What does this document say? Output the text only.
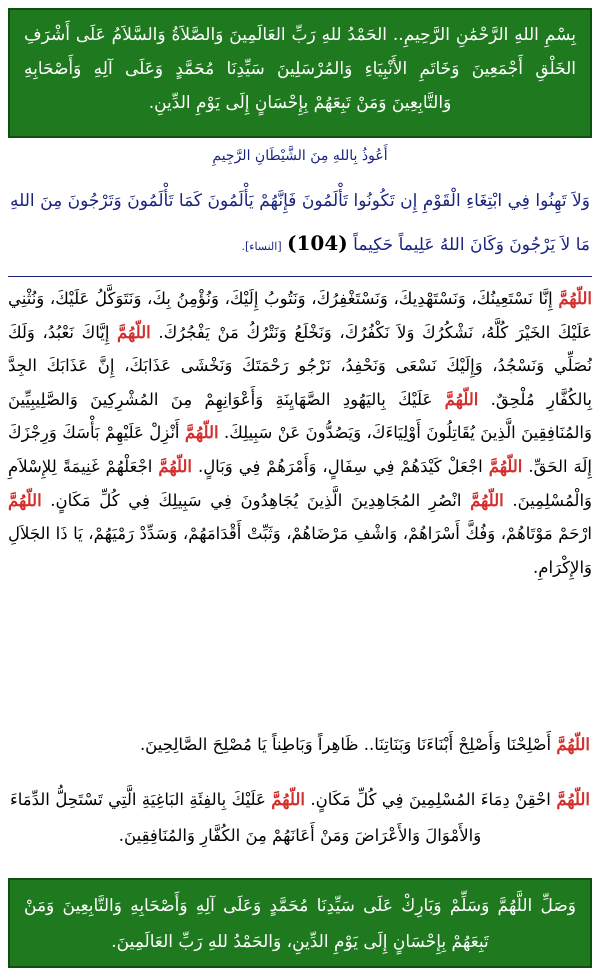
بِسْمِ اللهِ الرَّحْمَٰنِ الرَّحِيمِ.. الحَمْدُ للهِ رَبِّ العَالَمِينَ وَالصَّلاَةُ وَالسَّلاَمُ عَلَى أَشْرَفِ الخَلْقِ أَجْمَعِينَ وَخَاتَمِ الأَنْبِيَاءِ وَالمُرْسَلِينَ سَيِّدِنَا مُحَمَّدٍ وَعَلَى آلِهِ وَأَصْحَابِهِ وَالتَّابِعِينَ وَمَنْ تَبِعَهُمْ بِإِحْسَانٍ إِلَى يَوْمِ الدِّينِ.
أَعُوذُ بِاللهِ مِنَ الشَّيْطَانِ الرَّجِيمِ
وَلاَ تَهِنُوا فِي ابْتِغَاءِ الْقَوْمِ إِن تَكُونُوا تَأْلَمُونَ فَإِنَّهُمْ يَأْلَمُونَ كَمَا تَأْلَمُونَ وَتَرْجُونَ مِنَ اللهِ مَا لاَ يَرْجُونَ وَكَانَ اللهُ عَلِيماً حَكِيماً (104) [النساء].
اللّهُمَّ إِنَّا نَسْتَعِينُكَ، وَنَسْتَهْدِيكَ، وَنَسْتَغْفِرُكَ، وَنَتُوبُ إِلَيْكَ، وَنُؤْمِنُ بِكَ، وَنَتَوَكَّلُ عَلَيْكَ، وَنُثْنِي عَلَيْكَ الخَيْرَ كُلَّهُ، نَشْكُرُكَ وَلاَ نَكْفُرُكَ، وَنَخْلَعُ وَنَتْرُكُ مَنْ يَفْجُرُكَ. اللّهُمَّ إِيَّاكَ نَعْبُدُ، وَلَكَ نُصَلِّي وَنَسْجُدُ، وَإِلَيْكَ نَسْعَى وَنَحْفِدُ، نَرْجُو رَحْمَتَكَ وَنَخْشَى عَذَابَكَ، إِنَّ عَذَابَكَ الجِدَّ بِالكُفَّارِ مُلْحِقٌ. اللّهُمَّ عَلَيْكَ بِاليَهُودِ الصَّهَايِنَةِ وَأَعْوَانِهِمْ مِنَ المُشْرِكِينَ وَالصَّلِيبِيِّينَ وَالمُنَافِقِينَ الَّذِينَ يُقَاتِلُونَ أَوْلِيَاءَكَ، وَيَصُدُّونَ عَنْ سَبِيلِكَ. اللّهُمَّ أَنْزِلْ عَلَيْهِمْ بَأْسَكَ وَرِجْزَكَ إِلَهَ الحَقِّ. اللّهُمَّ اجْعَلْ كَيْدَهُمْ فِي سِفَالٍ، وَأَمْرَهُمْ فِي وَبَالٍ. اللّهُمَّ اجْعَلْهُمْ غَنِيمَةً لِلإِسْلاَمِ وَالْمُسْلِمِينَ. اللّهُمَّ انْصُرِ المُجَاهِدِينَ الَّذِينَ يُجَاهِدُونَ فِي سَبِيلِكَ فِي كُلِّ مَكَانٍ. اللّهُمَّ ارْحَمْ مَوْتَاهُمْ، وَفُكَّ أَسْرَاهُمْ، وَاشْفِ مَرْضَاهُمْ، وَثَبِّتْ أَقْدَامَهُمْ، وَسَدِّدْ رَمْيَهُمْ، يَا ذَا الجَلاَلِ وَالإِكْرَامِ.
اللّهُمَّ أَصْلِحْنَا وَأَصْلِحْ أَبْنَاءَنَا وَبَنَاتِنَا.. ظَاهِراً وَبَاطِناً يَا مُصْلِحَ الصَّالِحِينَ.
اللّهُمَّ احْقِنْ دِمَاءَ المُسْلِمِينَ فِي كُلِّ مَكَانٍ. اللّهُمَّ عَلَيْكَ بِالفِئَةِ البَاغِيَةِ الَّتِي تَسْتَحِلُّ الدِّمَاءَ وَالأَمْوَالَ وَالأَعْرَاضَ وَمَنْ أَعَانَهُمْ مِنَ الكُفَّارِ وَالمُنَافِقِينَ.
وَصَلِّ اللَّهُمَّ وَسَلِّمْ وَبَارِكْ عَلَى سَيِّدِنَا مُحَمَّدٍ وَعَلَى آلِهِ وَأَصْحَابِهِ وَالتَّابِعِينَ وَمَنْ تَبِعَهُمْ بِإِحْسَانٍ إِلَى يَوْمِ الدِّينِ، وَالحَمْدُ للهِ رَبِّ العَالَمِينَ.
